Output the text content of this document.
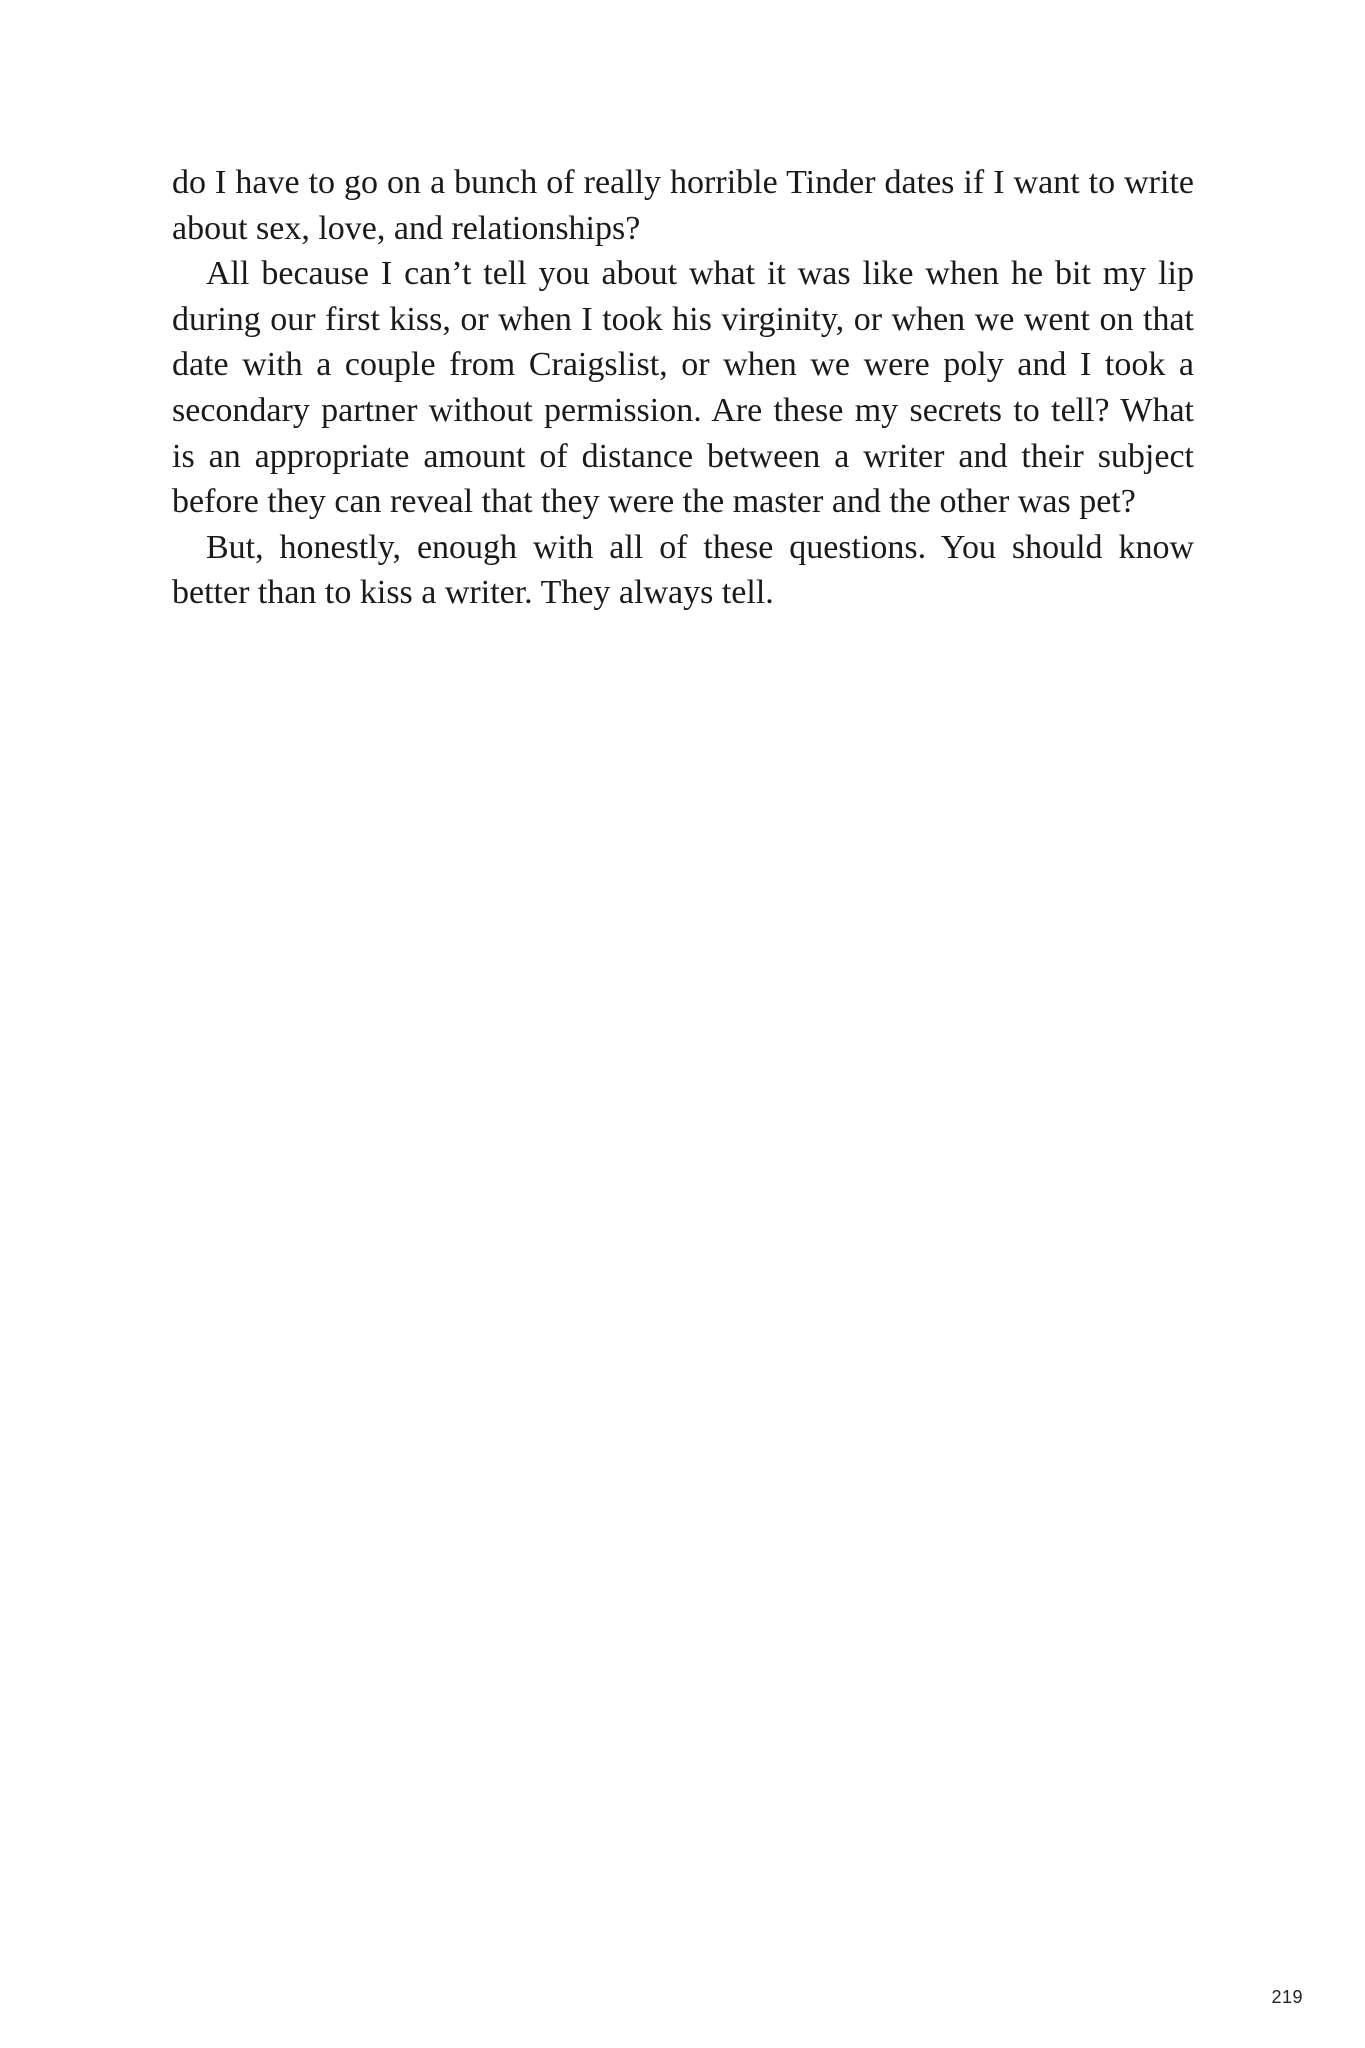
do I have to go on a bunch of really horrible Tinder dates if I want to write about sex, love, and relationships?

All because I can’t tell you about what it was like when he bit my lip during our first kiss, or when I took his virginity, or when we went on that date with a couple from Craigslist, or when we were poly and I took a secondary partner without permission. Are these my secrets to tell? What is an appropriate amount of distance between a writer and their subject before they can reveal that they were the master and the other was pet?

But, honestly, enough with all of these questions. You should know better than to kiss a writer. They always tell.

219
